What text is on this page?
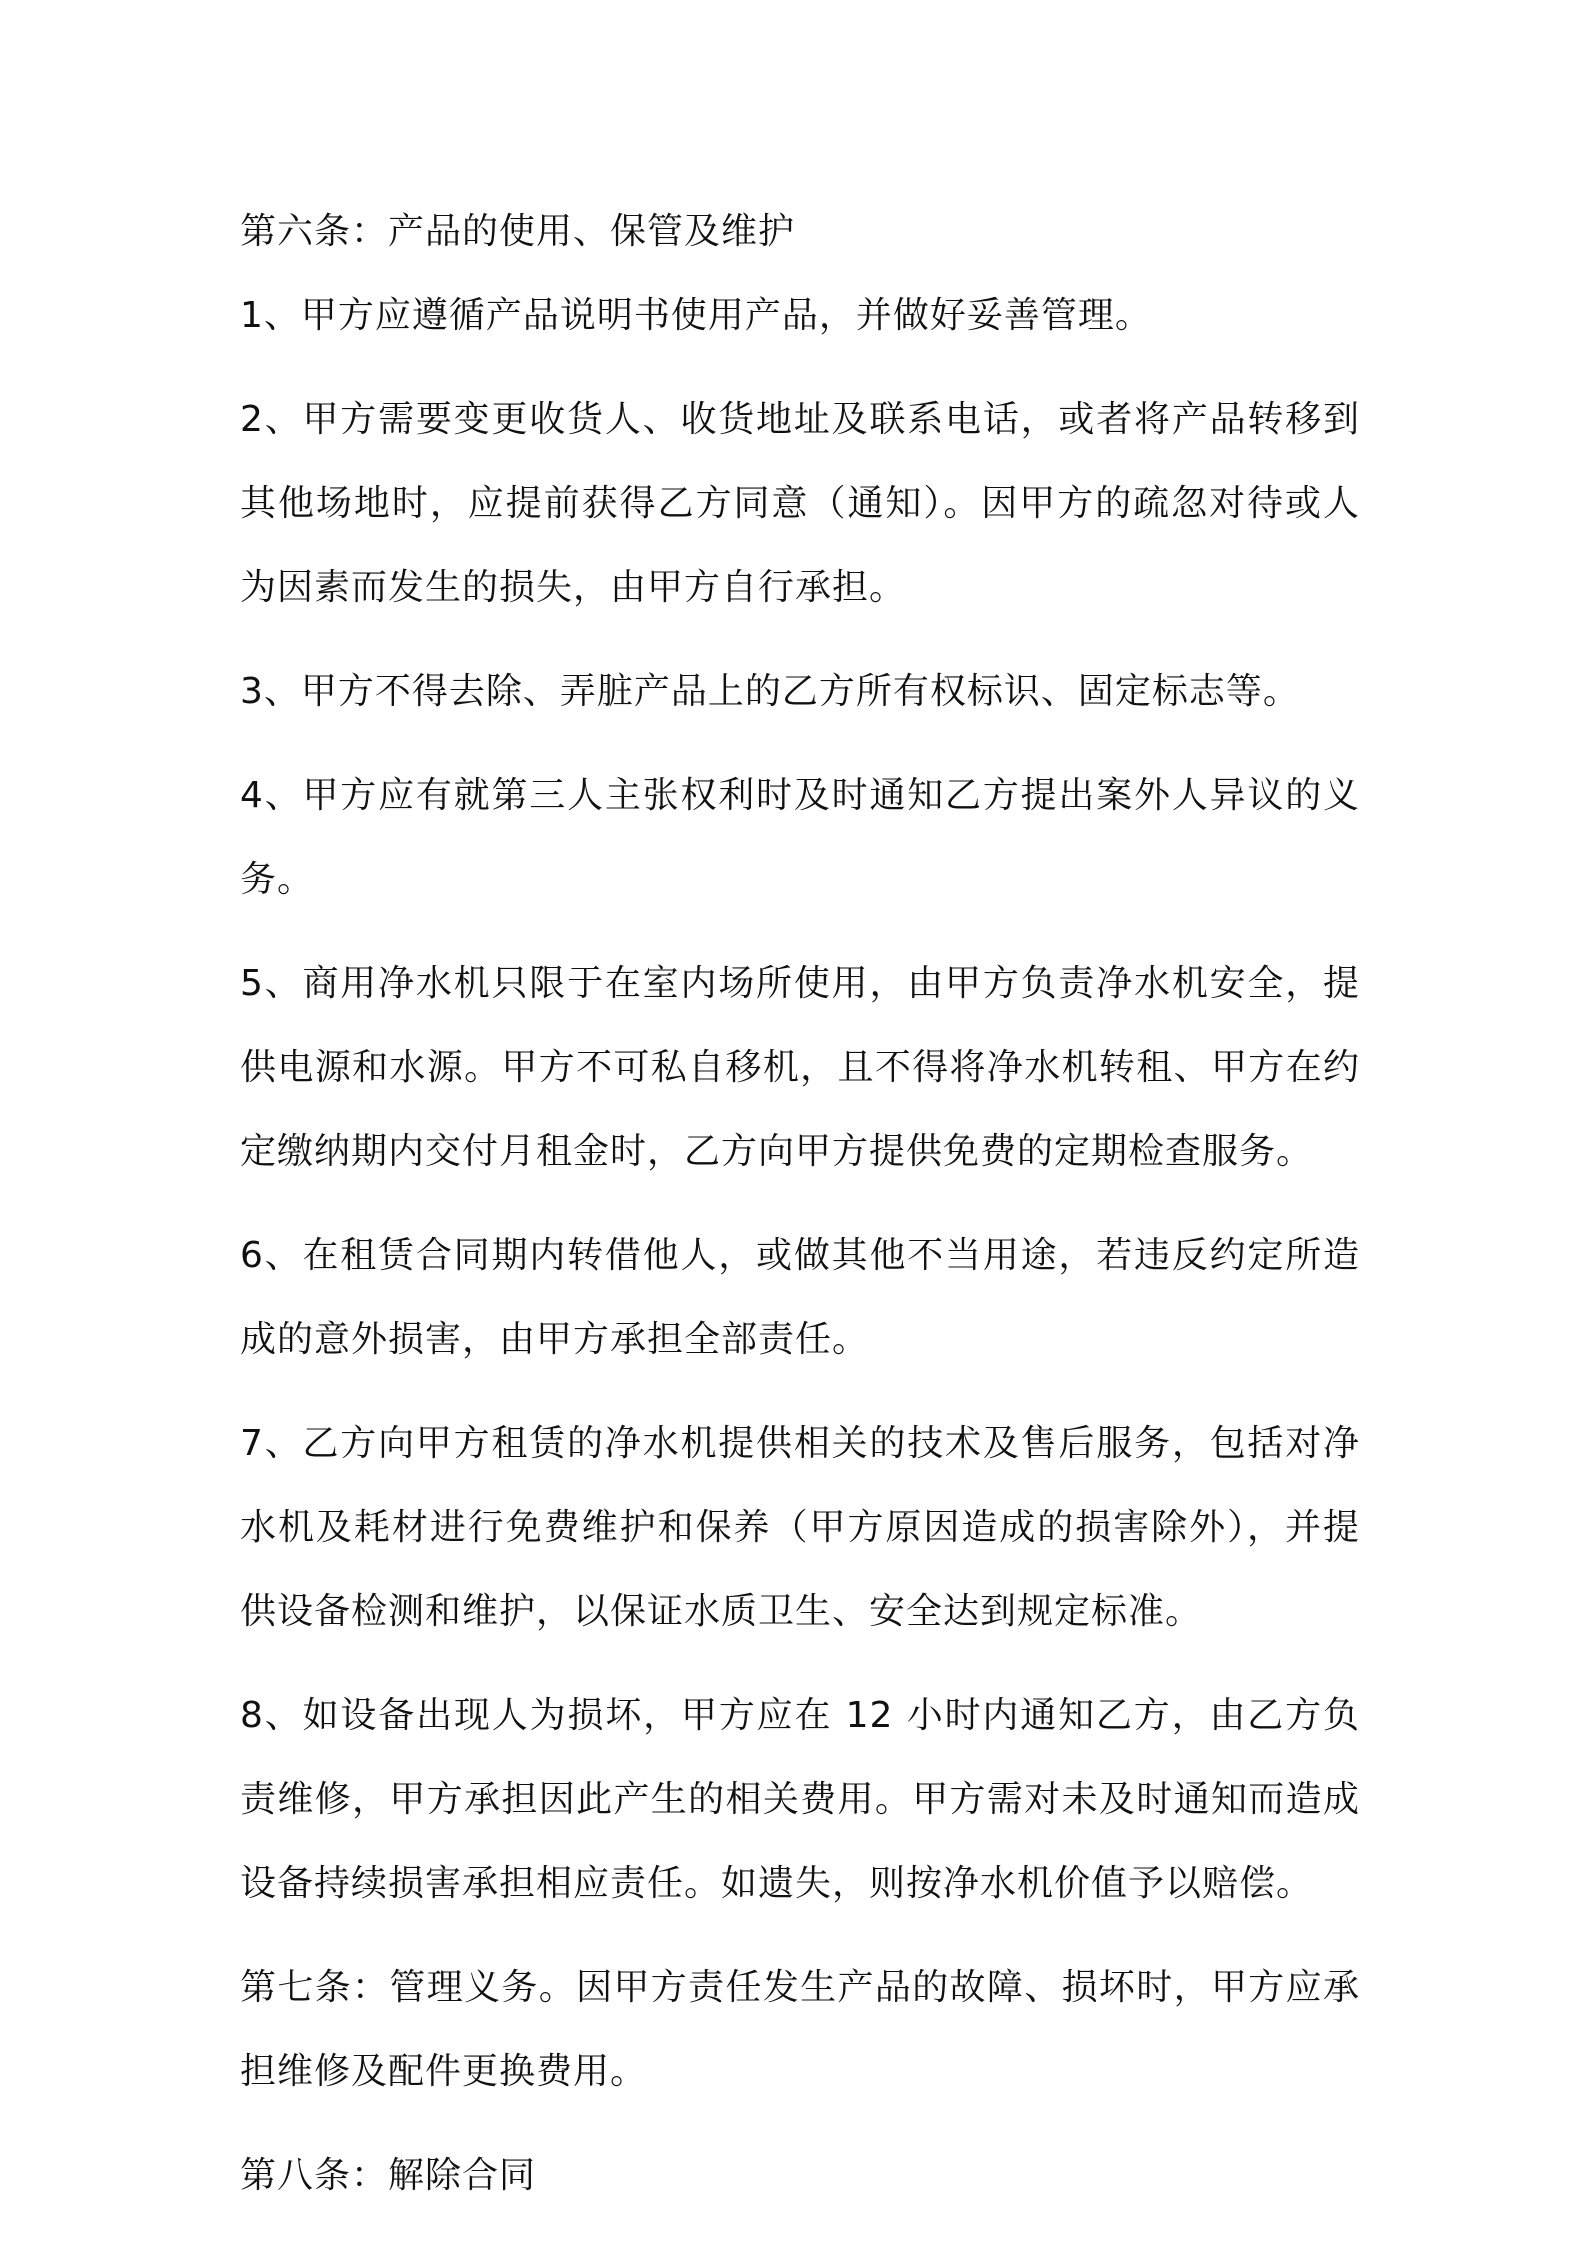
第六条：产品的使用、保管及维护

1、甲方应遵循产品说明书使用产品，并做好妥善管理。

2、甲方需要变更收货人、收货地址及联系电话，或者将产品转移到其他场地时，应提前获得乙方同意（通知）。因甲方的疏忽对待或人为因素而发生的损失，由甲方自行承担。

3、甲方不得去除、弄脏产品上的乙方所有权标识、固定标志等。

4、甲方应有就第三人主张权利时及时通知乙方提出案外人异议的义务。

5、商用净水机只限于在室内场所使用，由甲方负责净水机安全，提供电源和水源。甲方不可私自移机，且不得将净水机转租、甲方在约定缴纳期内交付月租金时，乙方向甲方提供免费的定期检查服务。

6、在租赁合同期内转借他人，或做其他不当用途，若违反约定所造成的意外损害，由甲方承担全部责任。

7、乙方向甲方租赁的净水机提供相关的技术及售后服务，包括对净水机及耗材进行免费维护和保养（甲方原因造成的损害除外），并提供设备检测和维护，以保证水质卫生、安全达到规定标准。

8、如设备出现人为损坏，甲方应在 12 小时内通知乙方，由乙方负责维修，甲方承担因此产生的相关费用。甲方需对未及时通知而造成设备持续损害承担相应责任。如遗失，则按净水机价值予以赔偿。

第七条：管理义务。因甲方责任发生产品的故障、损坏时，甲方应承担维修及配件更换费用。

第八条：解除合同
